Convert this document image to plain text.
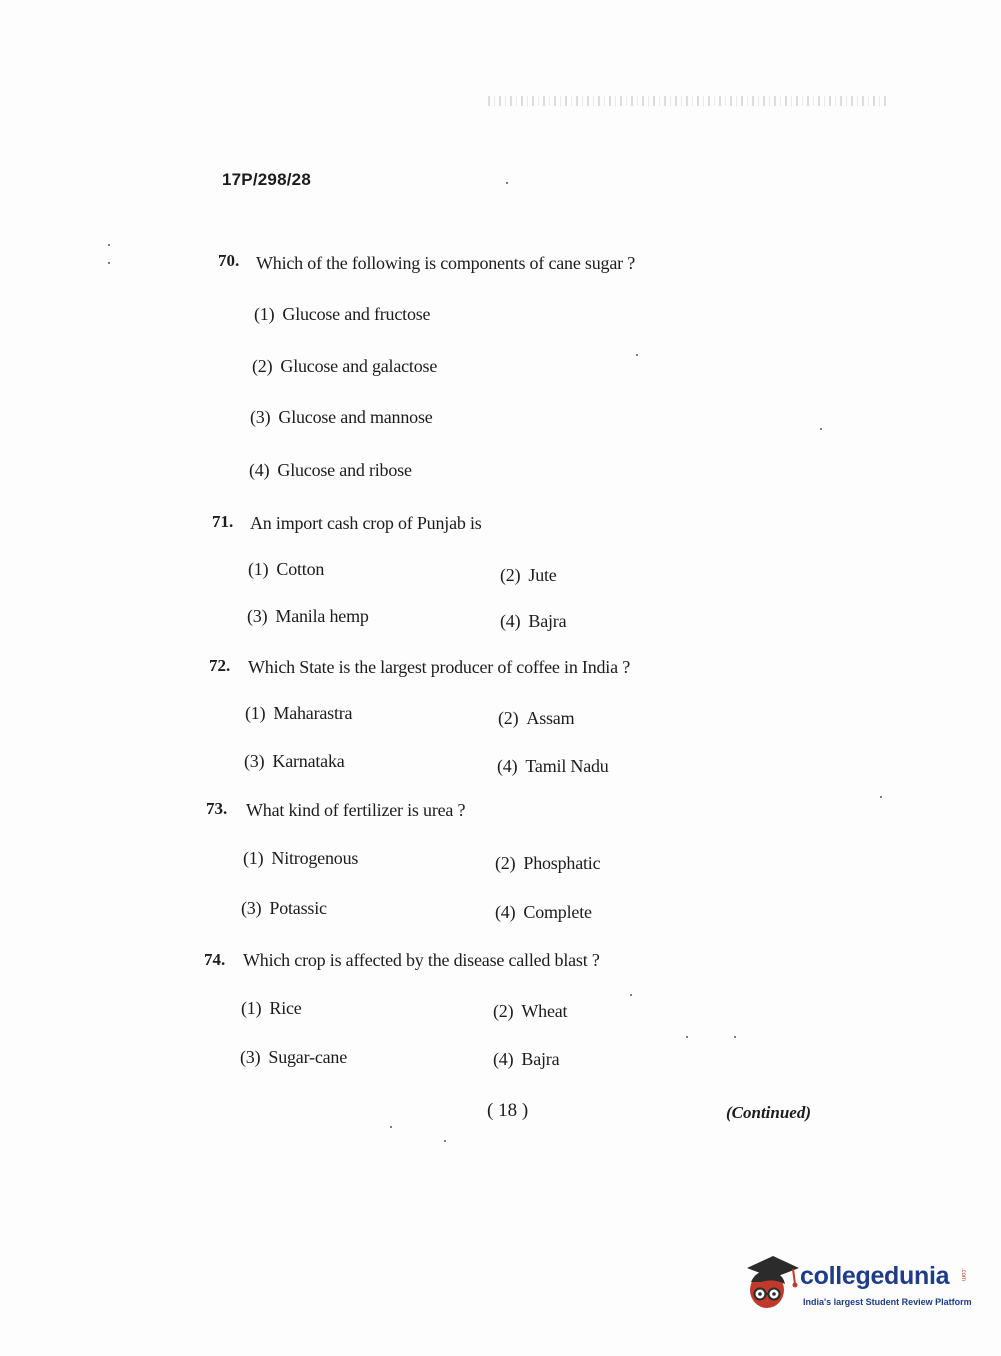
17P/298/28
70. Which of the following is components of cane sugar ?
(1) Glucose and fructose
(2) Glucose and galactose
(3) Glucose and mannose
(4) Glucose and ribose
71. An import cash crop of Punjab is
(1) Cotton	(2) Jute
(3) Manila hemp	(4) Bajra
72. Which State is the largest producer of coffee in India ?
(1) Maharastra	(2) Assam
(3) Karnataka	(4) Tamil Nadu
73. What kind of fertilizer is urea ?
(1) Nitrogenous	(2) Phosphatic
(3) Potassic	(4) Complete
74. Which crop is affected by the disease called blast ?
(1) Rice	(2) Wheat
(3) Sugar-cane	(4) Bajra
( 18 )	(Continued)
collegedunia .com
India's largest Student Review Platform
